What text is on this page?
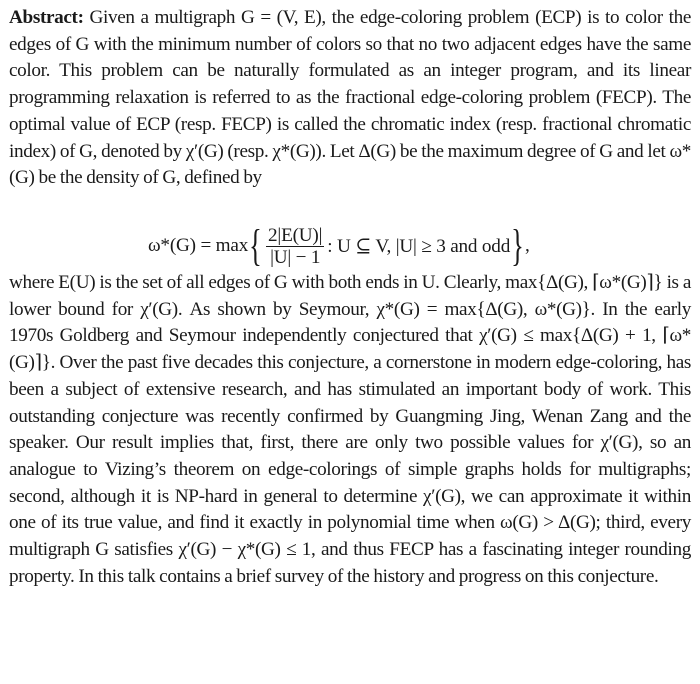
Abstract: Given a multigraph G = (V, E), the edge-coloring problem (ECP) is to color the edges of G with the minimum number of colors so that no two adjacent edges have the same color. This problem can be naturally formulated as an integer program, and its linear programming relaxation is referred to as the fractional edge-coloring problem (FECP). The optimal value of ECP (resp. FECP) is called the chromatic index (resp. fractional chromatic index) of G, denoted by χ′(G) (resp. χ*(G)). Let Δ(G) be the maximum degree of G and let ω*(G) be the density of G, defined by

ω*(G) = max { $\frac{2|E(U)|}{|U| - 1}$ : U ⊆ V, |U| ≥ 3 and odd } ,

where E(U) is the set of all edges of G with both ends in U. Clearly, max{Δ(G), ⌈ω*(G)⌉} is a lower bound for χ′(G). As shown by Seymour, χ*(G) = max{Δ(G), ω*(G)}. In the early 1970s Goldberg and Seymour independently conjectured that χ′(G) ≤ max{Δ(G) + 1, ⌈ω*(G)⌉}. Over the past five decades this conjecture, a cornerstone in modern edge-coloring, has been a subject of extensive research, and has stimulated an important body of work. This outstanding conjecture was recently confirmed by Guangming Jing, Wenan Zang and the speaker. Our result implies that, first, there are only two possible values for χ′(G), so an analogue to Vizing’s theorem on edge-colorings of simple graphs holds for multigraphs; second, although it is NP-hard in general to determine χ′(G), we can approximate it within one of its true value, and find it exactly in polynomial time when ω(G) > Δ(G); third, every multigraph G satisfies χ′(G) − χ*(G) ≤ 1, and thus FECP has a fascinating integer rounding property. In this talk contains a brief survey of the history and progress on this conjecture.
